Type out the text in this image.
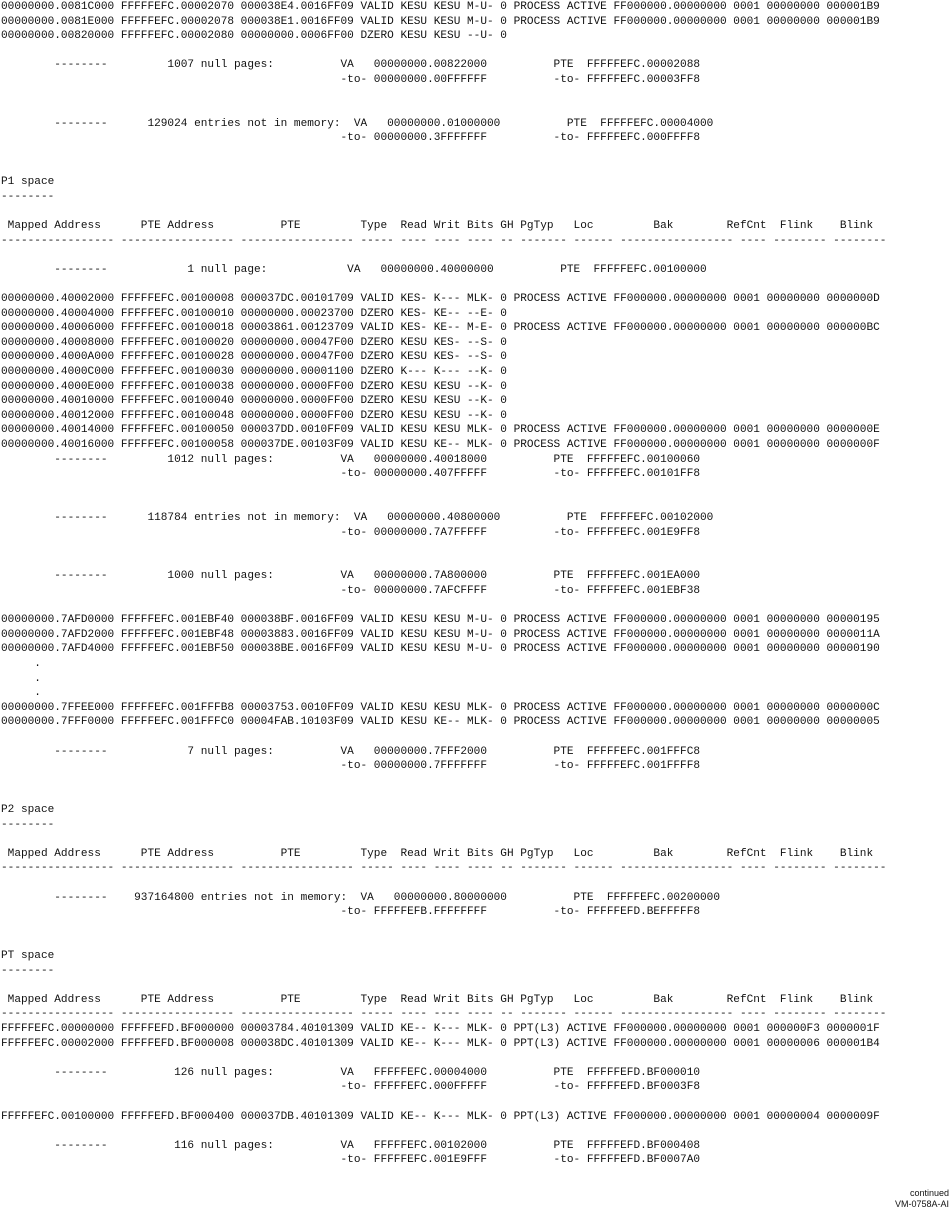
00000000.0081C000 FFFFFEFC.00002070 000038E4.0016FF09 VALID KESU KESU M-U- 0 PROCESS ACTIVE FF000000.00000000 0001 00000000 000001B9
00000000.0081E000 FFFFFEFC.00002078 000038E1.0016FF09 VALID KESU KESU M-U- 0 PROCESS ACTIVE FF000000.00000000 0001 00000000 000001B9
00000000.00820000 FFFFFEFC.00002080 00000000.0006FF00 DZERO KESU KESU --U- 0
--------         1007 null pages:          VA   00000000.00822000          PTE  FFFFFEFC.00002088
-to- 00000000.00FFFFFF          -to- FFFFFEFC.00003FF8
--------      129024 entries not in memory:  VA   00000000.01000000          PTE  FFFFFEFC.00004000
-to- 00000000.3FFFFFFF          -to- FFFFFEFC.000FFFF8
P1 space
--------
Mapped Address      PTE Address          PTE         Type  Read Writ Bits GH PgTyp   Loc         Bak        RefCnt  Flink    Blink
----------------- ----------------- ----------------- ----- ---- ---- ---- -- ------- ------ ----------------- ---- -------- --------
--------            1 null page:            VA   00000000.40000000          PTE  FFFFFEFC.00100000
00000000.40002000 FFFFFEFC.00100008 000037DC.00101709 VALID KES- K--- MLK- 0 PROCESS ACTIVE FF000000.00000000 0001 00000000 0000000D
00000000.40004000 FFFFFEFC.00100010 00000000.00023700 DZERO KES- KE-- --E- 0
00000000.40006000 FFFFFEFC.00100018 00003861.00123709 VALID KES- KE-- M-E- 0 PROCESS ACTIVE FF000000.00000000 0001 00000000 000000BC
00000000.40008000 FFFFFEFC.00100020 00000000.00047F00 DZERO KESU KES- --S- 0
00000000.4000A000 FFFFFEFC.00100028 00000000.00047F00 DZERO KESU KES- --S- 0
00000000.4000C000 FFFFFEFC.00100030 00000000.00001100 DZERO K--- K--- --K- 0
00000000.4000E000 FFFFFEFC.00100038 00000000.0000FF00 DZERO KESU KESU --K- 0
00000000.40010000 FFFFFEFC.00100040 00000000.0000FF00 DZERO KESU KESU --K- 0
00000000.40012000 FFFFFEFC.00100048 00000000.0000FF00 DZERO KESU KESU --K- 0
00000000.40014000 FFFFFEFC.00100050 000037DD.0010FF09 VALID KESU KESU MLK- 0 PROCESS ACTIVE FF000000.00000000 0001 00000000 0000000E
00000000.40016000 FFFFFEFC.00100058 000037DE.00103F09 VALID KESU KE-- MLK- 0 PROCESS ACTIVE FF000000.00000000 0001 00000000 0000000F
--------         1012 null pages:          VA   00000000.40018000          PTE  FFFFFEFC.00100060
-to- 00000000.407FFFFF          -to- FFFFFEFC.00101FF8
--------      118784 entries not in memory:  VA   00000000.40800000          PTE  FFFFFEFC.00102000
-to- 00000000.7A7FFFFF          -to- FFFFFEFC.001E9FF8
--------         1000 null pages:          VA   00000000.7A800000          PTE  FFFFFEFC.001EA000
-to- 00000000.7AFCFFFF          -to- FFFFFEFC.001EBF38
00000000.7AFD0000 FFFFFEFC.001EBF40 000038BF.0016FF09 VALID KESU KESU M-U- 0 PROCESS ACTIVE FF000000.00000000 0001 00000000 00000195
00000000.7AFD2000 FFFFFEFC.001EBF48 00003883.0016FF09 VALID KESU KESU M-U- 0 PROCESS ACTIVE FF000000.00000000 0001 00000000 0000011A
00000000.7AFD4000 FFFFFEFC.001EBF50 000038BE.0016FF09 VALID KESU KESU M-U- 0 PROCESS ACTIVE FF000000.00000000 0001 00000000 00000190
.
.
.
00000000.7FFEE000 FFFFFEFC.001FFFB8 00003753.0010FF09 VALID KESU KESU MLK- 0 PROCESS ACTIVE FF000000.00000000 0001 00000000 0000000C
00000000.7FFF0000 FFFFFEFC.001FFFC0 00004FAB.10103F09 VALID KESU KE-- MLK- 0 PROCESS ACTIVE FF000000.00000000 0001 00000000 00000005
--------            7 null pages:          VA   00000000.7FFF2000          PTE  FFFFFEFC.001FFFC8
-to- 00000000.7FFFFFFF          -to- FFFFFEFC.001FFFF8
P2 space
--------
Mapped Address      PTE Address          PTE         Type  Read Writ Bits GH PgTyp   Loc         Bak        RefCnt  Flink    Blink
----------------- ----------------- ----------------- ----- ---- ---- ---- -- ------- ------ ----------------- ---- -------- --------
--------    937164800 entries not in memory:  VA   00000000.80000000          PTE  FFFFFEFC.00200000
-to- FFFFFEFB.FFFFFFFF          -to- FFFFFEFD.BEFFFFF8
PT space
--------
Mapped Address      PTE Address          PTE         Type  Read Writ Bits GH PgTyp   Loc         Bak        RefCnt  Flink    Blink
----------------- ----------------- ----------------- ----- ---- ---- ---- -- ------- ------ ----------------- ---- -------- --------
FFFFFEFC.00000000 FFFFFEFD.BF000000 00003784.40101309 VALID KE-- K--- MLK- 0 PPT(L3) ACTIVE FF000000.00000000 0001 000000F3 0000001F
FFFFFEFC.00002000 FFFFFEFD.BF000008 000038DC.40101309 VALID KE-- K--- MLK- 0 PPT(L3) ACTIVE FF000000.00000000 0001 00000006 000001B4
--------          126 null pages:          VA   FFFFFEFC.00004000          PTE  FFFFFEFD.BF000010
-to- FFFFFEFC.000FFFFF          -to- FFFFFEFD.BF0003F8
FFFFFEFC.00100000 FFFFFEFD.BF000400 000037DB.40101309 VALID KE-- K--- MLK- 0 PPT(L3) ACTIVE FF000000.00000000 0001 00000004 0000009F
--------          116 null pages:          VA   FFFFFEFC.00102000          PTE  FFFFFEFD.BF000408
-to- FFFFFEFC.001E9FFF          -to- FFFFFEFD.BF0007A0
continued
VM-0758A-AI
